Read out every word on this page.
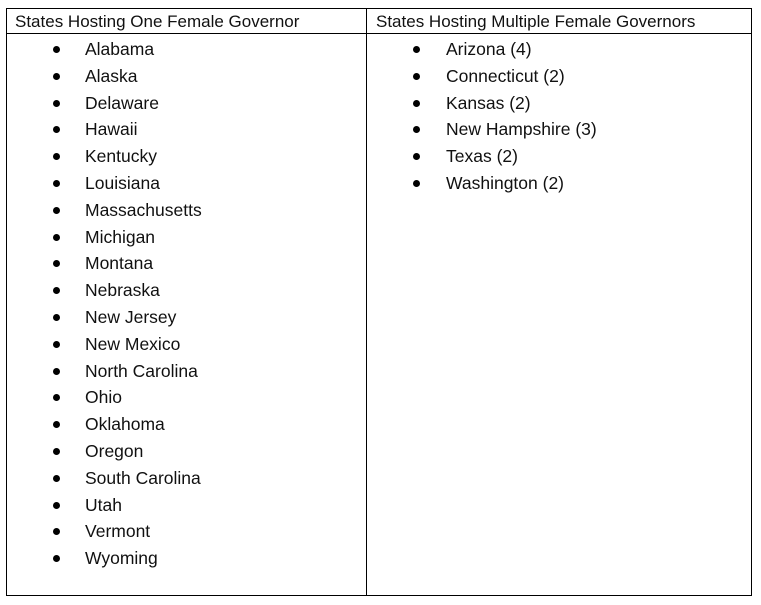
States Hosting One Female Governor
Alabama
Alaska
Delaware
Hawaii
Kentucky
Louisiana
Massachusetts
Michigan
Montana
Nebraska
New Jersey
New Mexico
North Carolina
Ohio
Oklahoma
Oregon
South Carolina
Utah
Vermont
Wyoming
States Hosting Multiple Female Governors
Arizona (4)
Connecticut (2)
Kansas (2)
New Hampshire (3)
Texas (2)
Washington (2)
